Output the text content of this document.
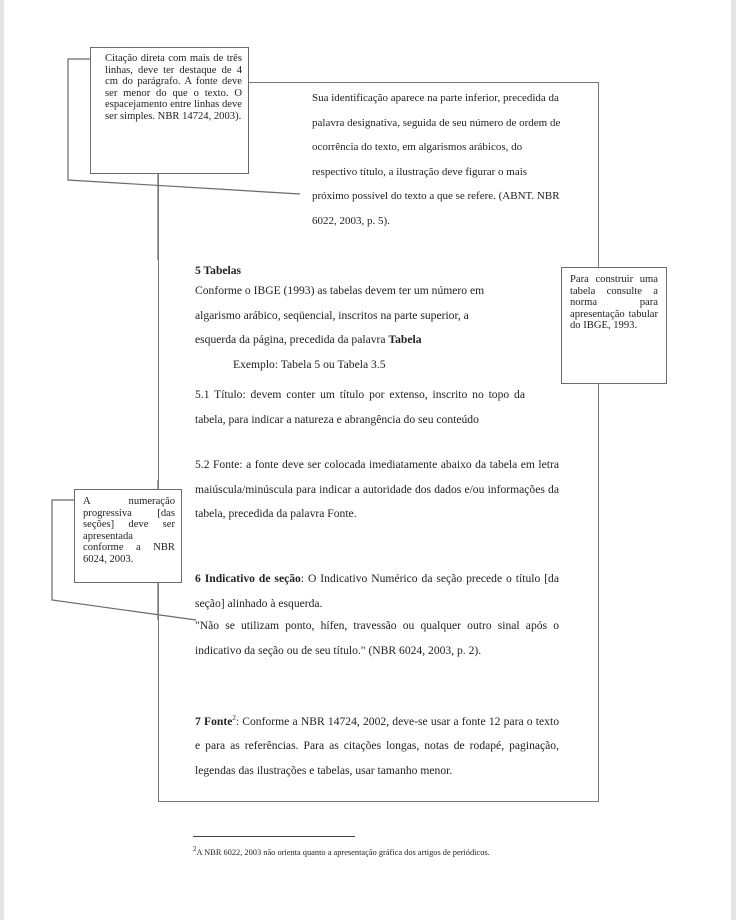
Citação direta com mais de três linhas, deve ter destaque de 4 cm do parágrafo. A fonte deve ser menor do que o texto. O espacejamento entre linhas deve ser simples. NBR 14724, 2003).
Para construir uma tabela consulte a norma para apresentação tabular do IBGE, 1993.
A numeração progressiva [das seções] deve ser apresentada conforme a NBR 6024, 2003.
Sua identificação aparece na parte inferior, precedida da palavra designativa, seguida de seu número de ordem de ocorrência do texto, em algarismos arábicos, do respectivo título, a ilustração deve figurar o mais próximo possível do texto a que se refere. (ABNT. NBR 6022, 2003, p. 5).
5 Tabelas
Conforme o IBGE (1993) as tabelas devem ter um número em
algarismo arábico, seqüencial, inscritos na parte superior, a
esquerda da página, precedida da palavra Tabela
Exemplo: Tabela 5 ou Tabela 3.5
5.1 Título: devem conter um título por extenso, inscrito no topo da tabela, para indicar a natureza e abrangência do seu conteúdo
5.2 Fonte: a fonte deve ser colocada imediatamente abaixo da tabela em letra maiúscula/minúscula para indicar a autoridade dos dados e/ou informações da tabela, precedida da palavra Fonte.
6 Indicativo de seção: O Indicativo Numérico da seção precede o título [da seção] alinhado à esquerda.
"Não se utilizam ponto, hífen, travessão ou qualquer outro sinal após o indicativo da seção ou de seu título." (NBR 6024, 2003, p. 2).
7 Fonte$^2$: Conforme a NBR 14724, 2002, deve-se usar a fonte 12 para o texto e para as referências. Para as citações longas, notas de rodapé, paginação, legendas das ilustrações e tabelas, usar tamanho menor.
$^2$A NBR 6022, 2003 não orienta quanto a apresentação gráfica dos artigos de periódicos.
